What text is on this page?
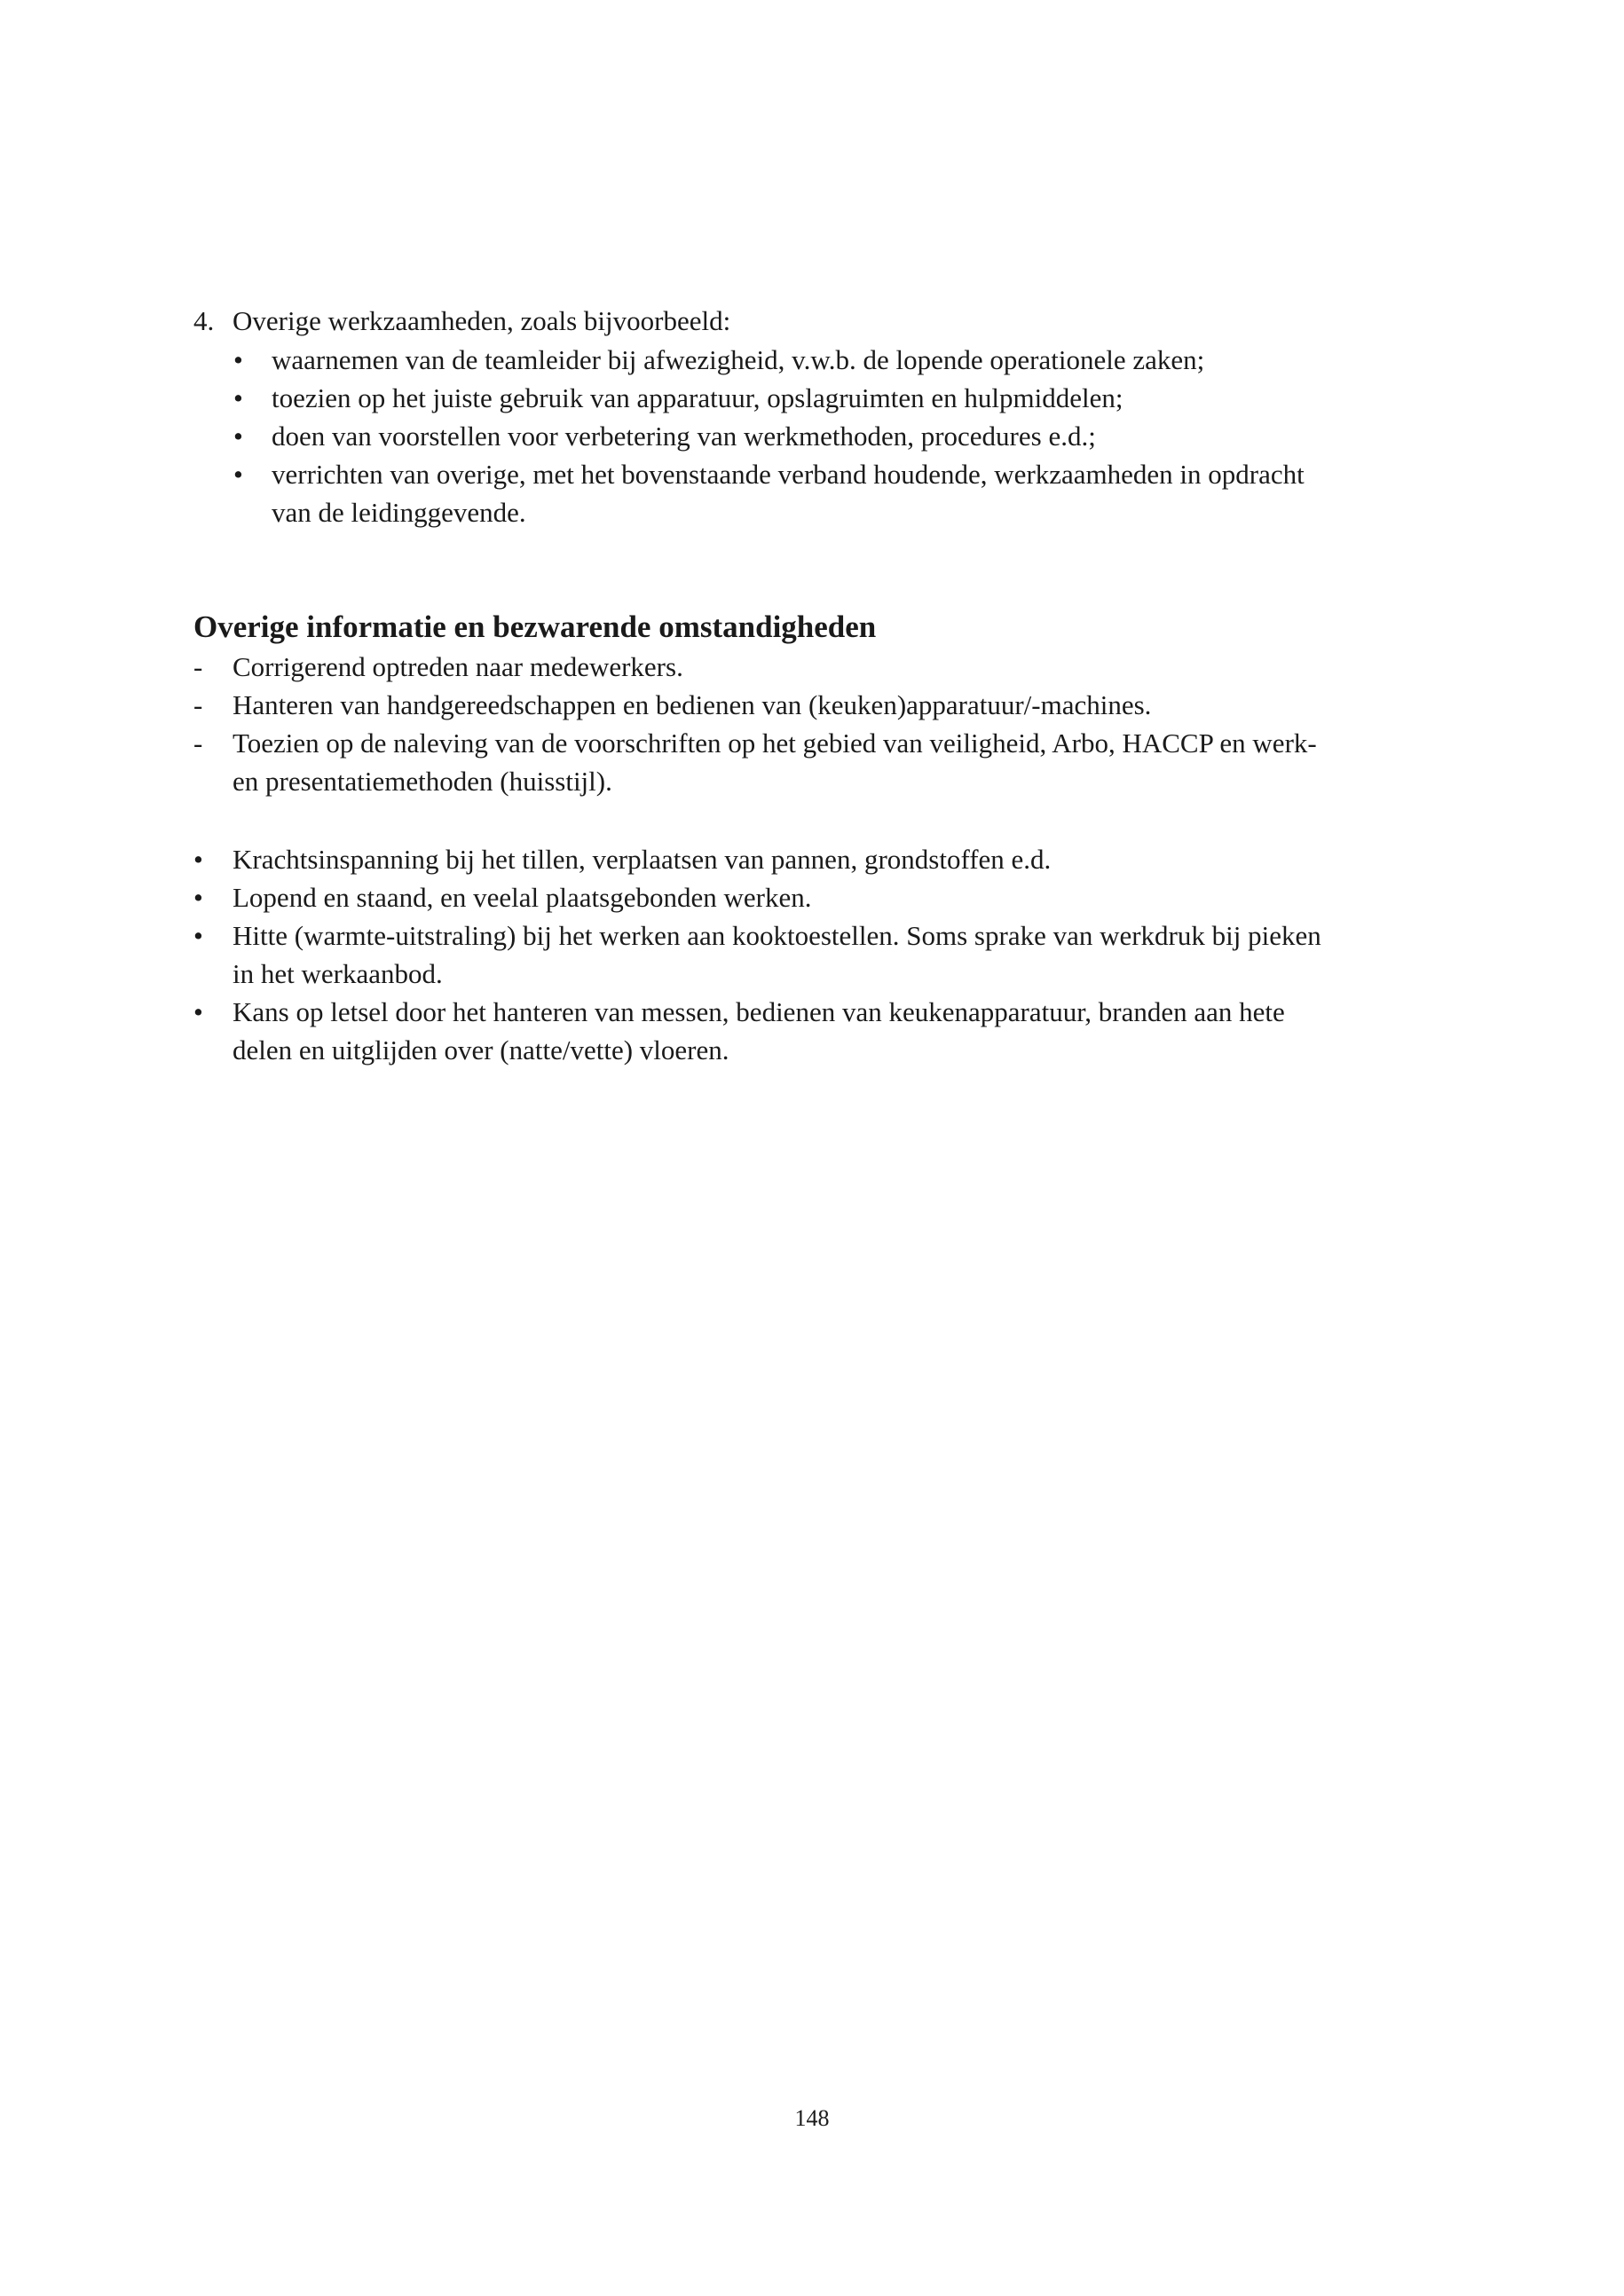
4. Overige werkzaamheden, zoals bijvoorbeeld:
• waarnemen van de teamleider bij afwezigheid, v.w.b. de lopende operationele zaken;
• toezien op het juiste gebruik van apparatuur, opslagruimten en hulpmiddelen;
• doen van voorstellen voor verbetering van werkmethoden, procedures e.d.;
• verrichten van overige, met het bovenstaande verband houdende, werkzaamheden in opdracht
van de leidinggevende.
Overige informatie en bezwarende omstandigheden
- Corrigerend optreden naar medewerkers.
- Hanteren van handgereedschappen en bedienen van (keuken)apparatuur/-machines.
- Toezien op de naleving van de voorschriften op het gebied van veiligheid, Arbo, HACCP en werk-
en presentatiemethoden (huisstijl).
• Krachtsinspanning bij het tillen, verplaatsen van pannen, grondstoffen e.d.
• Lopend en staand, en veelal plaatsgebonden werken.
• Hitte (warmte-uitstraling) bij het werken aan kooktoestellen. Soms sprake van werkdruk bij pieken
in het werkaanbod.
• Kans op letsel door het hanteren van messen, bedienen van keukenapparatuur, branden aan hete
delen en uitglijden over (natte/vette) vloeren.
148
